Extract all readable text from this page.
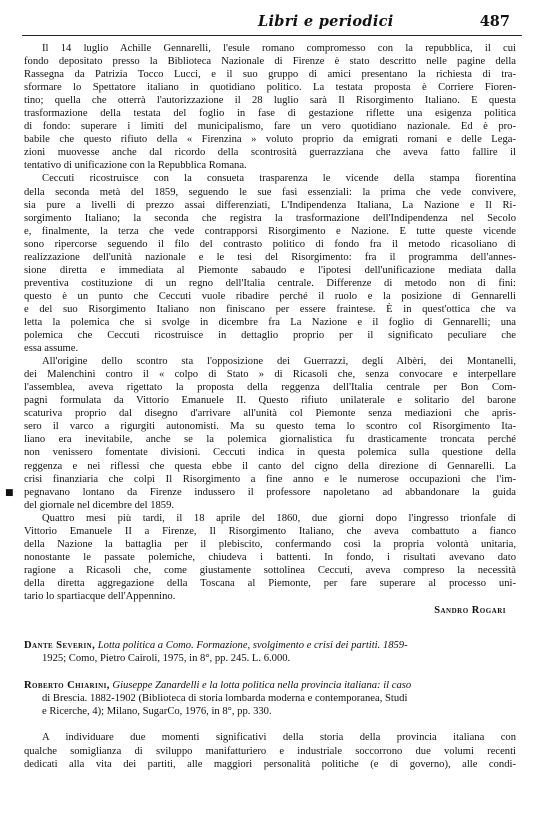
Libri e periodici	487
■

Il 14 luglio Achille Gennarelli, l'esule romano compromesso con la repubblica, il cui
fondo depositato presso la Biblioteca Nazionale di Firenze è stato descritto nelle pagine della
Rassegna da Patrizia Tocco Lucci, e il suo gruppo di amici presentano la richiesta di tra-
sformare lo Spettatore italiano in quotidiano politico. La testata proposta è Corriere Fioren-
tino; quella che otterrà l'autorizzazione il 28 luglio sarà Il Risorgimento Italiano. E questa
trasformazione della testata del foglio in fase di gestazione riflette una esigenza politica
di fondo: superare i limiti del municipalismo, fare un vero quotidiano nazionale. Ed è pro-
babile che questo rifiuto della « Firenzina » voluto proprio da emigrati romani e delle Lega-
zioni muovesse anche dal ricordo della scontrosità guerrazziana che aveva fatto fallire il
tentativo di unificazione con la Repubblica Romana.

Ceccuti ricostruisce con la consueta trasparenza le vicende della stampa fiorentina
della seconda metà del 1859, seguendo le sue fasi essenziali: la prima che vede convivere,
sia pure a livelli di prezzo assai differenziati, L'Indipendenza Italiana, La Nazione e Il Ri-
sorgimento Italiano; la seconda che registra la trasformazione dell'Indipendenza nel Secolo
e, finalmente, la terza che vede contrapporsi Risorgimento e Nazione. E tutte queste vicende
sono ripercorse seguendo il filo del contrasto politico di fondo fra il metodo ricasoliano di
realizzazione dell'unità nazionale e le tesi del Risorgimento: fra il programma dell'annes-
sione diretta e immediata al Piemonte sabaudo e l'ipotesi dell'unificazione mediata dalla
preventiva costituzione di un regno dell'Italia centrale. Differenze di metodo non di fini:
questo è un punto che Ceccuti vuole ribadire perché il ruolo e la posizione di Gennarelli
e del suo Risorgimento Italiano non finiscano per essere fraintese. È in quest'ottica che va
letta la polemica che si svolge in dicembre fra La Nazione e il foglio di Gennarelli; una
polemica che Ceccuti ricostruisce in dettaglio proprio per il significato peculiare che
essa assume.

All'origine dello scontro sta l'opposizione dei Guerrazzi, degli Albèri, dei Montanelli,
dei Malenchini contro il « colpo di Stato » di Ricasoli che, senza convocare e interpellare
l'assemblea, aveva rigettato la proposta della reggenza dell'Italia centrale per Bon Com-
pagni formulata da Vittorio Emanuele II. Questo rifiuto unilaterale e solitario del barone
scaturiva proprio dal disegno d'arrivare all'unità col Piemonte senza mediazioni che apris-
sero il varco a rigurgiti autonomisti. Ma su questo tema lo scontro col Risorgimento Ita-
liano era inevitabile, anche se la polemica giornalistica fu drasticamente troncata perché
non venissero fomentate divisioni. Ceccuti indica in questa polemica sulla questione della
reggenza e nei riflessi che questa ebbe il canto del cigno della direzione di Gennarelli. La
crisi finanziaria che colpì Il Risorgimento a fine anno e le numerose occupazioni che l'im-
pegnavano lontano da Firenze indussero il professore napoletano ad abbandonare la guida
del giornale nel dicembre del 1859.

Quattro mesi più tardi, il 18 aprile del 1860, due giorni dopo l'ingresso trionfale di
Vittorio Emanuele II a Firenze, Il Risorgimento Italiano, che aveva combattuto a fianco
della Nazione la battaglia per il plebiscito, confermando così la propria volontà unitaria,
nonostante le passate polemiche, chiudeva i battenti. In fondo, i risultati avevano dato
ragione a Ricasoli che, come giustamente sottolinea Ceccuti, aveva compreso la necessità
della diretta aggregazione della Toscana al Piemonte, per fare superare al processo uni-
tario lo spartiacque dell'Appennino.

Sandro Rogari

Dante Severin, Lotta politica a Como. Formazione, svolgimento e crisi dei partiti. 1859-
1925; Como, Pietro Cairoli, 1975, in 8°, pp. 245. L. 6.000.

Roberto Chiarini, Giuseppe Zanardelli e la lotta politica nella provincia italiana: il caso
di Brescia. 1882-1902 (Biblioteca di storia lombarda moderna e contemporanea, Studi
e Ricerche, 4); Milano, SugarCo, 1976, in 8°, pp. 330.

A individuare due momenti significativi della storia della provincia italiana con
qualche somiglianza di sviluppo manifatturiero e industriale soccorrono due volumi recenti
dedicati alla vita dei partiti, alle maggiori personalità politiche (e di governo), alle condi-
